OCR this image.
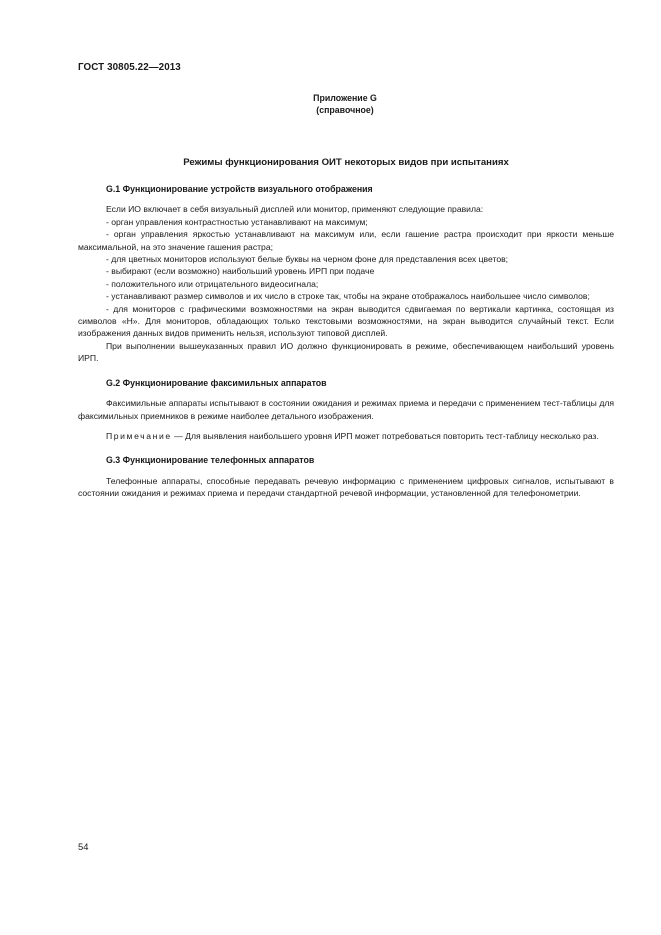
ГОСТ 30805.22—2013
Приложение G
(справочное)
Режимы функционирования ОИТ некоторых видов при испытаниях
G.1 Функционирование устройств визуального отображения
Если ИО включает в себя визуальный дисплей или монитор, применяют следующие правила:
- орган управления контрастностью устанавливают на максимум;
- орган управления яркостью устанавливают на максимум или, если гашение растра происходит при яркости меньше максимальной, на это значение гашения растра;
- для цветных мониторов используют белые буквы на черном фоне для представления всех цветов;
- выбирают (если возможно) наибольший уровень ИРП при подаче
- положительного или отрицательного видеосигнала;
- устанавливают размер символов и их число в строке так, чтобы на экране отображалось наибольшее число символов;
- для мониторов с графическими возможностями на экран выводится сдвигаемая по вертикали картинка, состоящая из символов «Н». Для мониторов, обладающих только текстовыми возможностями, на экран выводится случайный текст. Если изображения данных видов применить нельзя, используют типовой дисплей.
При выполнении вышеуказанных правил ИО должно функционировать в режиме, обеспечивающем наибольший уровень ИРП.
G.2 Функционирование факсимильных аппаратов
Факсимильные аппараты испытывают в состоянии ожидания и режимах приема и передачи с применением тест-таблицы для факсимильных приемников в режиме наиболее детального изображения.
Примечание — Для выявления наибольшего уровня ИРП может потребоваться повторить тест-таблицу несколько раз.
G.3 Функционирование телефонных аппаратов
Телефонные аппараты, способные передавать речевую информацию с применением цифровых сигналов, испытывают в состоянии ожидания и режимах приема и передачи стандартной речевой информации, установленной для телефонометрии.
54
